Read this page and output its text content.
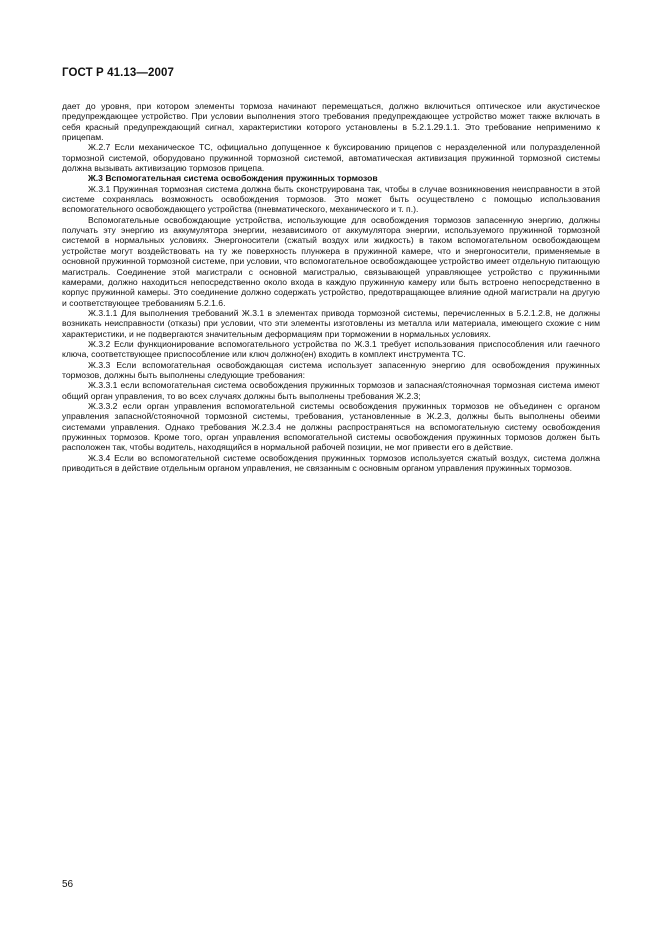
ГОСТ Р 41.13—2007

дает до уровня, при котором элементы тормоза начинают перемещаться, должно включиться оптическое или акустическое предупреждающее устройство. При условии выполнения этого требования предупреждающее устройство может также включать в себя красный предупреждающий сигнал, характеристики которого установлены в 5.2.1.29.1.1. Это требование неприменимо к прицепам.

Ж.2.7 Если механическое ТС, официально допущенное к буксированию прицепов с неразделенной или полуразделенной тормозной системой, оборудовано пружинной тормозной системой, автоматическая активизация пружинной тормозной системы должна вызывать активизацию тормозов прицепа.

Ж.3 Вспомогательная система освобождения пружинных тормозов

Ж.3.1 Пружинная тормозная система должна быть сконструирована так, чтобы в случае возникновения неисправности в этой системе сохранялась возможность освобождения тормозов. Это может быть осуществлено с помощью использования вспомогательного освобождающего устройства (пневматического, механического и т. п.).

Вспомогательные освобождающие устройства, использующие для освобождения тормозов запасенную энергию, должны получать эту энергию из аккумулятора энергии, независимого от аккумулятора энергии, используемого пружинной тормозной системой в нормальных условиях. Энергоносители (сжатый воздух или жидкость) в таком вспомогательном освобождающем устройстве могут воздействовать на ту же поверхность плунжера в пружинной камере, что и энергоносители, применяемые в основной пружинной тормозной системе, при условии, что вспомогательное освобождающее устройство имеет отдельную питающую магистраль. Соединение этой магистрали с основной магистралью, связывающей управляющее устройство с пружинными камерами, должно находиться непосредственно около входа в каждую пружинную камеру или быть встроено непосредственно в корпус пружинной камеры. Это соединение должно содержать устройство, предотвращающее влияние одной магистрали на другую и соответствующее требованиям 5.2.1.6.

Ж.3.1.1 Для выполнения требований Ж.3.1 в элементах привода тормозной системы, перечисленных в 5.2.1.2.8, не должны возникать неисправности (отказы) при условии, что эти элементы изготовлены из металла или материала, имеющего схожие с ним характеристики, и не подвергаются значительным деформациям при торможении в нормальных условиях.

Ж.3.2 Если функционирование вспомогательного устройства по Ж.3.1 требует использования приспособления или гаечного ключа, соответствующее приспособление или ключ должно(ен) входить в комплект инструмента ТС.

Ж.3.3 Если вспомогательная освобождающая система использует запасенную энергию для освобождения пружинных тормозов, должны быть выполнены следующие требования:

Ж.3.3.1 если вспомогательная система освобождения пружинных тормозов и запасная/стояночная тормозная система имеют общий орган управления, то во всех случаях должны быть выполнены требования Ж.2.3;

Ж.3.3.2 если орган управления вспомогательной системы освобождения пружинных тормозов не объединен с органом управления запасной/стояночной тормозной системы, требования, установленные в Ж.2.3, должны быть выполнены обеими системами управления. Однако требования Ж.2.3.4 не должны распространяться на вспомогательную систему освобождения пружинных тормозов. Кроме того, орган управления вспомогательной системы освобождения пружинных тормозов должен быть расположен так, чтобы водитель, находящийся в нормальной рабочей позиции, не мог привести его в действие.

Ж.3.4 Если во вспомогательной системе освобождения пружинных тормозов используется сжатый воздух, система должна приводиться в действие отдельным органом управления, не связанным с основным органом управления пружинных тормозов.

56
